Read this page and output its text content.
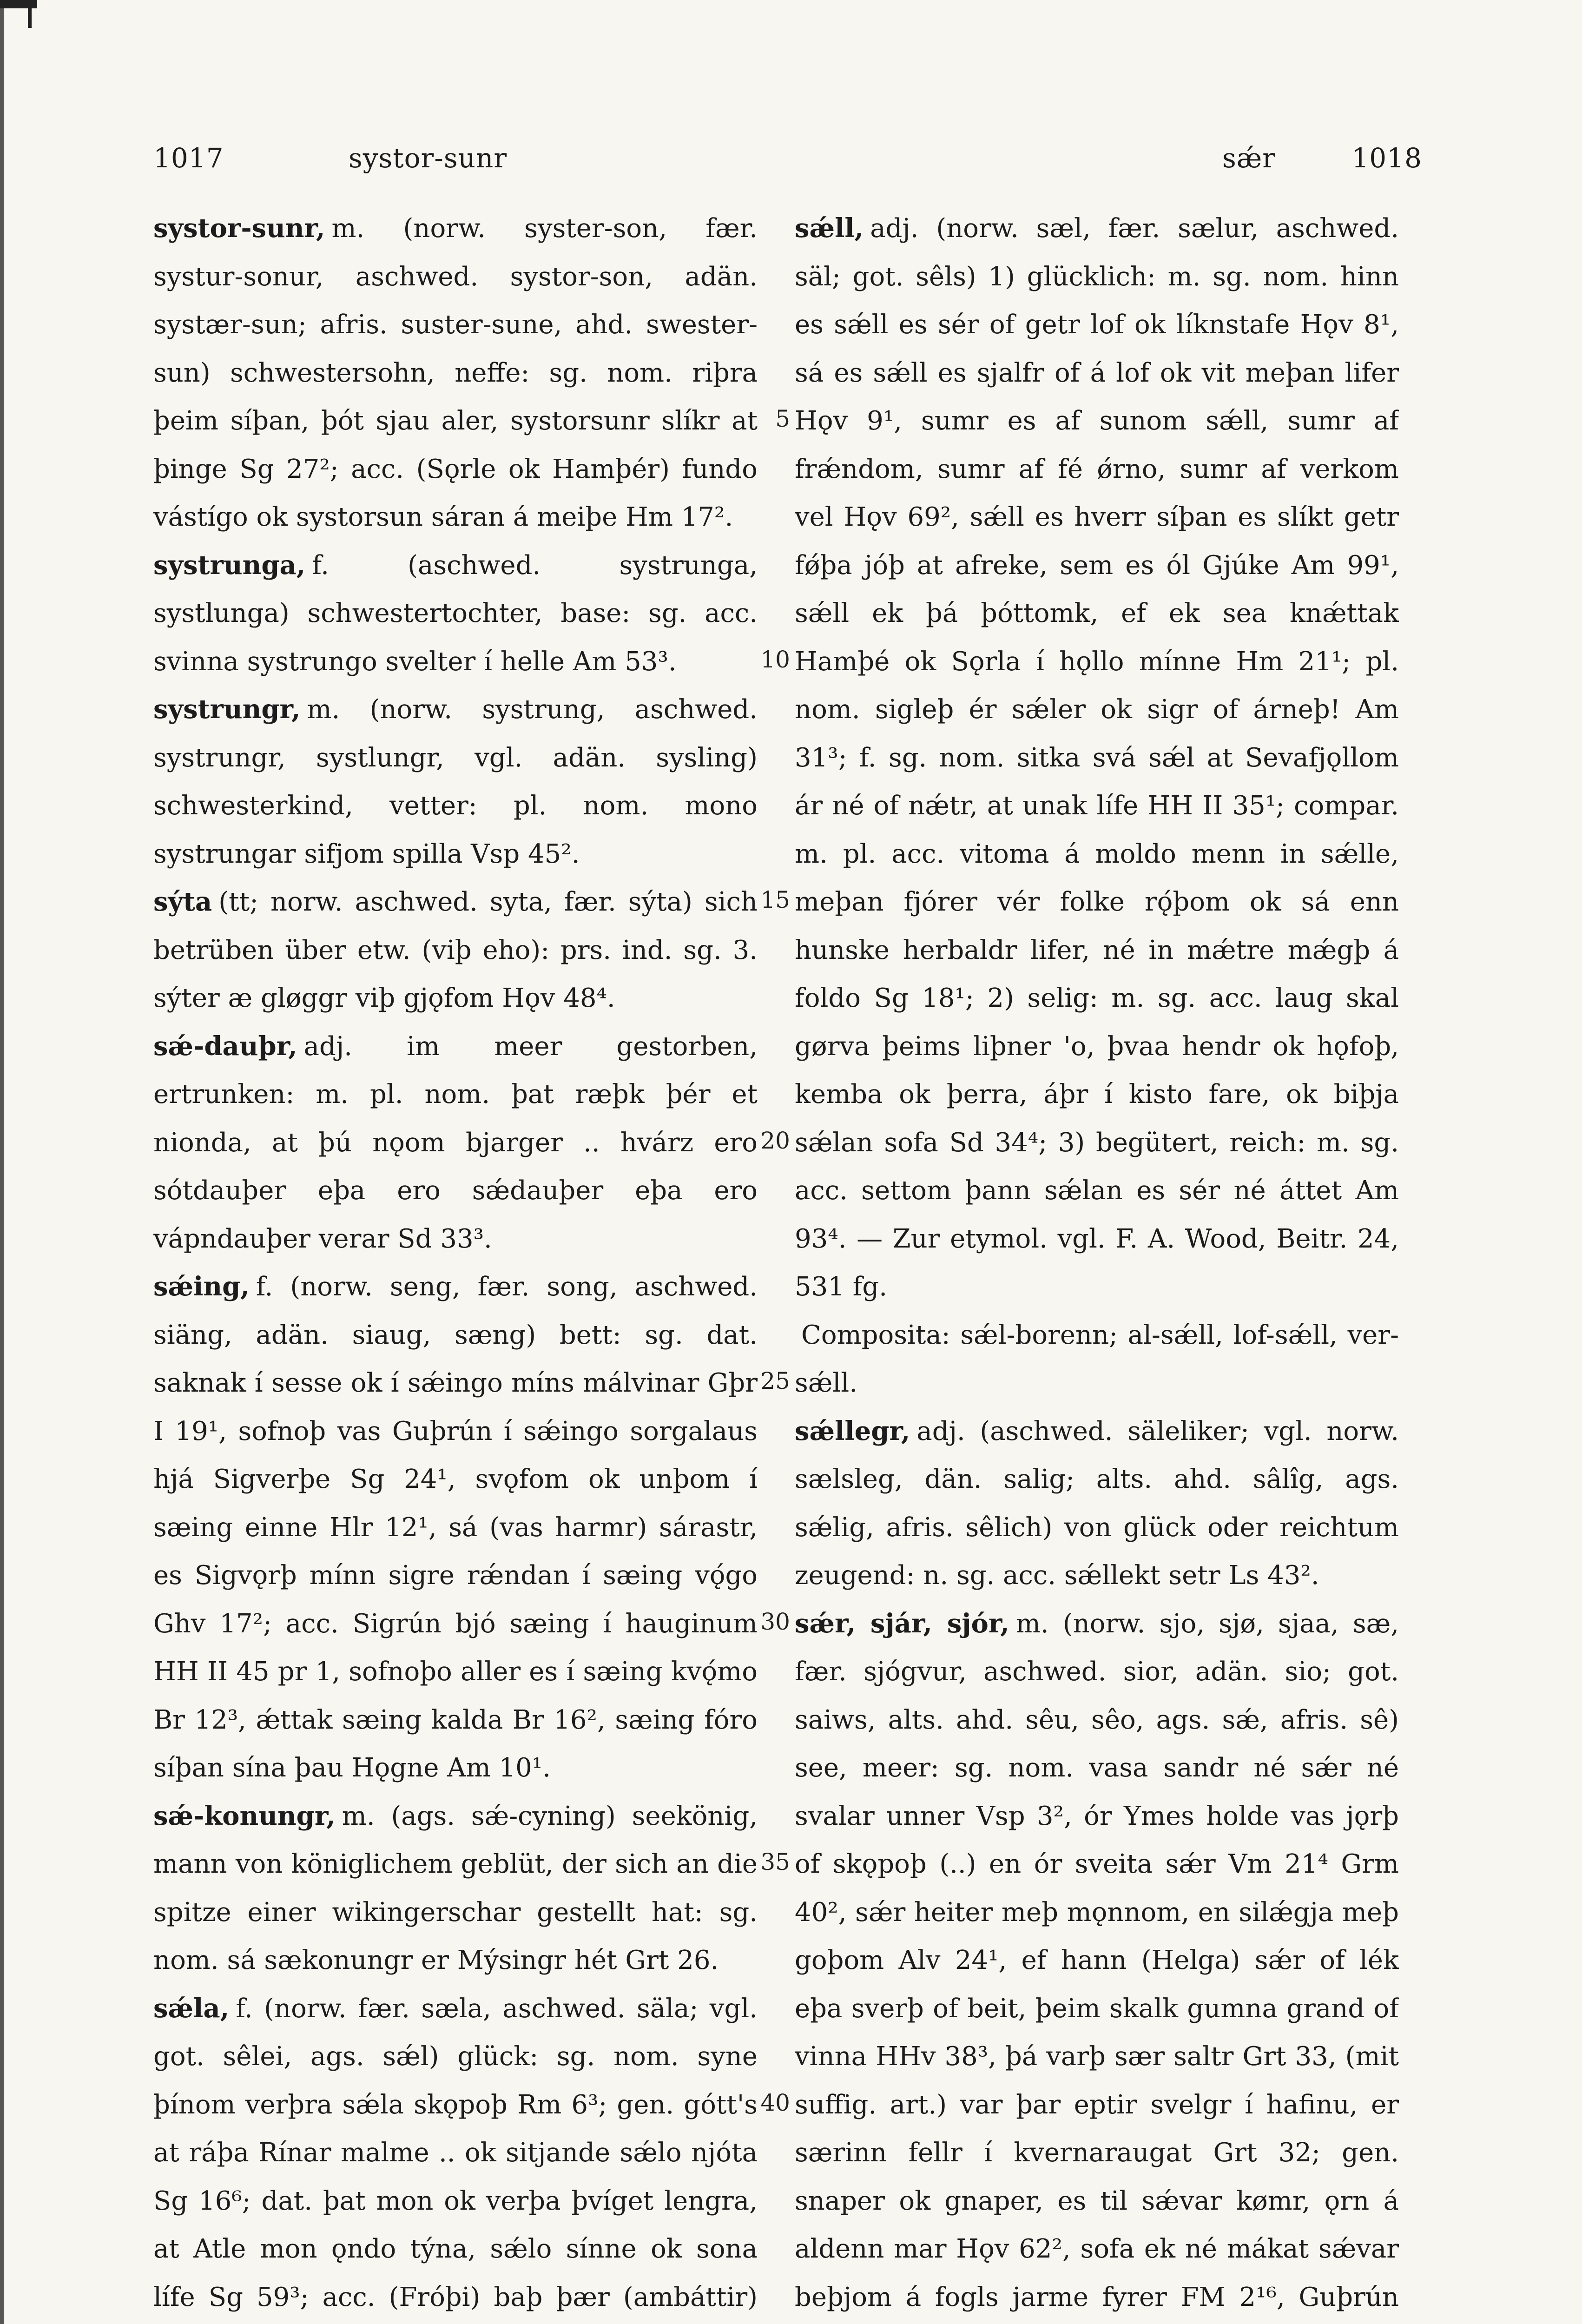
1017	systor-sunr	sǽr	1018

systor-sunr, m. (norw. syster-son, fær. systur-sonur, aschwed. systor-son, adän. systær-sun; afris. suster-sune, ahd. swester-sun) schwestersohn, neffe: sg. nom. riþra þeim síþan, þót sjau aler, systorsunr slíkr at þinge Sg 27²; acc. (Sǫrle ok Hamþér) fundo vástígo ok systorsun sáran á meiþe Hm 17².

systrunga, f. (aschwed. systrunga, systlunga) schwestertochter, base: sg. acc. svinna systrungo svelter í helle Am 53³.

systrungr, m. (norw. systrung, aschwed. systrungr, systlungr, vgl. adän. sysling) schwesterkind, vetter: pl. nom. mono systrungar sifjom spilla Vsp 45².

sýta (tt; norw. aschwed. syta, fær. sýta) sich betrüben über etw. (viþ eho): prs. ind. sg. 3. sýter æ gløggr viþ gjǫfom Hǫv 48⁴.

sǽ-dauþr, adj. im meer gestorben, ertrunken: m. pl. nom. þat ræþk þér et nionda, at þú nǫom bjarger .. hvárz ero sótdauþer eþa ero sǽdauþer eþa ero vápndauþer verar Sd 33³.

sǽing, f. (norw. seng, fær. song, aschwed. siäng, adän. siaug, sæng) bett: sg. dat. saknak í sesse ok í sǽingo míns málvinar Gþr I 19¹, sofnoþ vas Guþrún í sǽingo sorgalaus hjá Sigverþe Sg 24¹, svǫfom ok unþom í sæing einne Hlr 12¹, sá (vas harmr) sárastr, es Sigvǫrþ mínn sigre rǽndan í sæing vǫ́go Ghv 17²; acc. Sigrún bjó sæing í hauginum HH II 45 pr 1, sofnoþo aller es í sæing kvǫ́mo Br 12³, ǽttak sæing kalda Br 16², sæing fóro síþan sína þau Hǫgne Am 10¹.

sǽ-konungr, m. (ags. sǽ-cyning) seekönig, mann von königlichem geblüt, der sich an die spitze einer wikingerschar gestellt hat: sg. nom. sá sækonungr er Mýsingr hét Grt 26.

sǽla, f. (norw. fær. sæla, aschwed. säla; vgl. got. sêlei, ags. sǽl) glück: sg. nom. syne þínom verþra sǽla skǫpoþ Rm 6³; gen. gótt's at ráþa Rínar malme .. ok sitjande sǽlo njóta Sg 16⁶; dat. þat mon ok verþa þvíget lengra, at Atle mon ǫndo týna, sǽlo sínne ok sona lífe Sg 59³; acc. (Fróþi) baþ þær (ambáttir)

5
10
15
20
25
30
35
40

sǽll, adj. (norw. sæl, fær. sælur, aschwed. säl; got. sêls) 1) glücklich: m. sg. nom. hinn es sǽll es sér of getr lof ok líknstafe Hǫv 8¹, sá es sǽll es sjalfr of á lof ok vit meþan lifer Hǫv 9¹, sumr es af sunom sǽll, sumr af frǽndom, sumr af fé ǿrno, sumr af verkom vel Hǫv 69², sǽll es hverr síþan es slíkt getr fǿþa jóþ at afreke, sem es ól Gjúke Am 99¹, sǽll ek þá þóttomk, ef ek sea knǽttak Hamþé ok Sǫrla í hǫllo mínne Hm 21¹; pl. nom. sigleþ ér sǽler ok sigr of árneþ! Am 31³; f. sg. nom. sitka svá sǽl at Sevafjǫllom ár né of nǽtr, at unak lífe HH II 35¹; compar. m. pl. acc. vitoma á moldo menn in sǽlle, meþan fjórer vér folke rǫ́þom ok sá enn hunske herbaldr lifer, né in mǽtre mǽgþ á foldo Sg 18¹; 2) selig: m. sg. acc. laug skal gørva þeims liþner 'o, þvaa hendr ok hǫfoþ, kemba ok þerra, áþr í kisto fare, ok biþja sǽlan sofa Sd 34⁴; 3) begütert, reich: m. sg. acc. settom þann sǽlan es sér né áttet Am 93⁴. — Zur etymol. vgl. F. A. Wood, Beitr. 24, 531 fg.

Composita: sǽl-borenn; al-sǽll, lof-sǽll, ver-sǽll.

sǽllegr, adj. (aschwed. säleliker; vgl. norw. sælsleg, dän. salig; alts. ahd. sâlîg, ags. sǽlig, afris. sêlich) von glück oder reichtum zeugend: n. sg. acc. sǽllekt setr Ls 43².

sǽr, sjár, sjór, m. (norw. sjo, sjø, sjaa, sæ, fær. sjógvur, aschwed. sior, adän. sio; got. saiws, alts. ahd. sêu, sêo, ags. sǽ, afris. sê) see, meer: sg. nom. vasa sandr né sǽr né svalar unner Vsp 3², ór Ymes holde vas jǫrþ of skǫpoþ (..) en ór sveita sǽr Vm 21⁴ Grm 40², sǽr heiter meþ mǫnnom, en silǽgja meþ goþom Alv 24¹, ef hann (Helga) sǽr of lék eþa sverþ of beit, þeim skalk gumna grand of vinna HHv 38³, þá varþ sær saltr Grt 33, (mit suffig. art.) var þar eptir svelgr í hafinu, er særinn fellr í kvernaraugat Grt 32; gen. snaper ok gnaper, es til sǽvar kømr, ǫrn á aldenn mar Hǫv 62², sofa ek né mákat sǽvar beþjom á fogls jarme fyrer FM 2¹⁶, Guþrún
